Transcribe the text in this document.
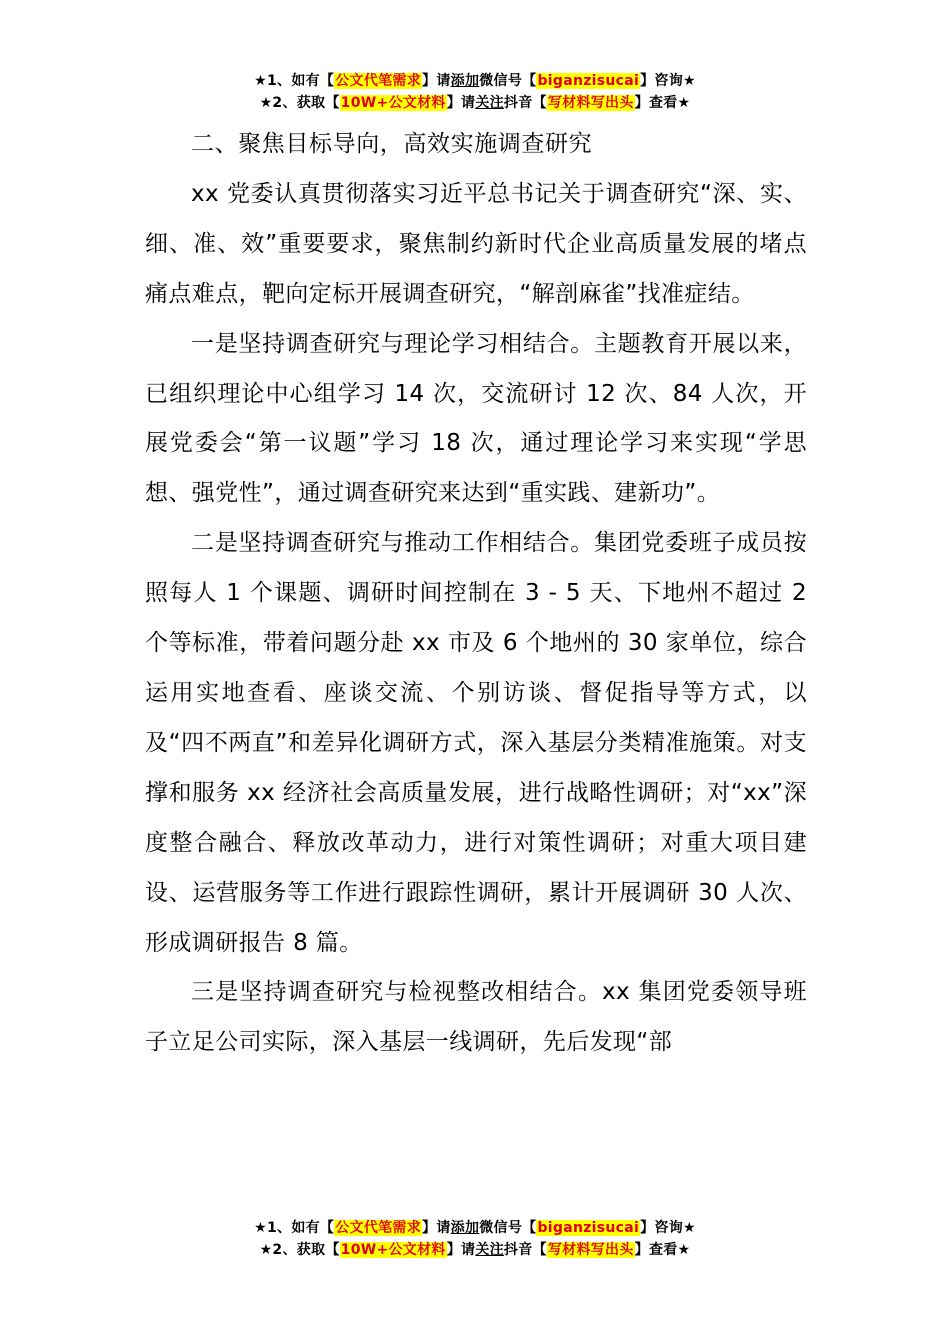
★1、如有【公文代笔需求】请添加微信号【biganzisucai】咨询★
★2、获取【10W+公文材料】请关注抖音【写材料写出头】查看★

二、聚焦目标导向，高效实施调查研究

xx 党委认真贯彻落实习近平总书记关于调查研究“深、实、细、准、效”重要要求，聚焦制约新时代企业高质量发展的堵点痛点难点，靶向定标开展调查研究，“解剖麻雀”找准症结。

一是坚持调查研究与理论学习相结合。主题教育开展以来，已组织理论中心组学习 14 次，交流研讨 12 次、84 人次，开展党委会“第一议题”学习 18 次，通过理论学习来实现“学思想、强党性”，通过调查研究来达到“重实践、建新功”。

二是坚持调查研究与推动工作相结合。集团党委班子成员按照每人 1 个课题、调研时间控制在 3 - 5 天、下地州不超过 2 个等标准，带着问题分赴 xx 市及 6 个地州的 30 家单位，综合运用实地查看、座谈交流、个别访谈、督促指导等方式，以及“四不两直”和差异化调研方式，深入基层分类精准施策。对支撑和服务 xx 经济社会高质量发展，进行战略性调研；对“xx”深度整合融合、释放改革动力，进行对策性调研；对重大项目建设、运营服务等工作进行跟踪性调研，累计开展调研 30 人次、形成调研报告 8 篇。

三是坚持调查研究与检视整改相结合。xx 集团党委领导班子立足公司实际，深入基层一线调研，先后发现“部

★1、如有【公文代笔需求】请添加微信号【biganzisucai】咨询★
★2、获取【10W+公文材料】请关注抖音【写材料写出头】查看★
